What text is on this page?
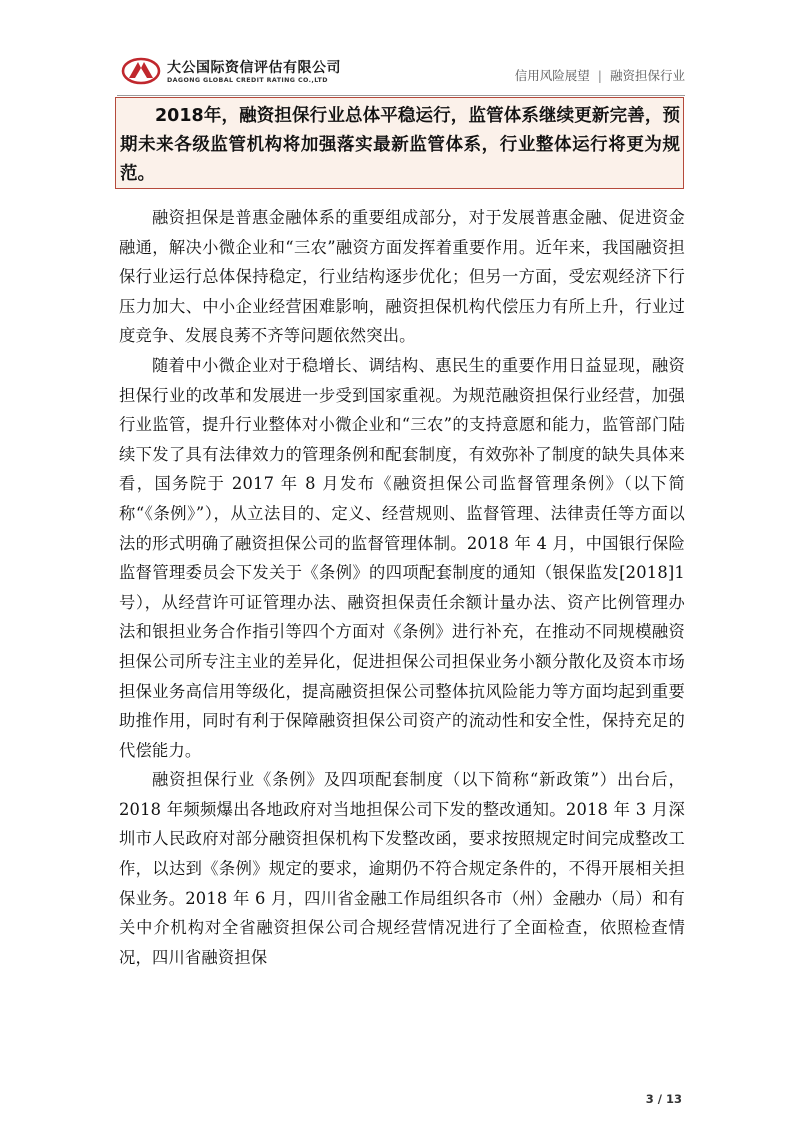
大公国际资信评估有限公司
DAGONG GLOBAL CREDIT RATING CO.,LTD	信用风险展望 | 融资担保行业

2018年，融资担保行业总体平稳运行，监管体系继续更新完善，预期未来各级监管机构将加强落实最新监管体系，行业整体运行将更为规范。

融资担保是普惠金融体系的重要组成部分，对于发展普惠金融、促进资金融通，解决小微企业和“三农”融资方面发挥着重要作用。近年来，我国融资担保行业运行总体保持稳定，行业结构逐步优化；但另一方面，受宏观经济下行压力加大、中小企业经营困难影响，融资担保机构代偿压力有所上升，行业过度竞争、发展良莠不齐等问题依然突出。

随着中小微企业对于稳增长、调结构、惠民生的重要作用日益显现，融资担保行业的改革和发展进一步受到国家重视。为规范融资担保行业经营，加强行业监管，提升行业整体对小微企业和“三农”的支持意愿和能力，监管部门陆续下发了具有法律效力的管理条例和配套制度，有效弥补了制度的缺失具体来看，国务院于 2017 年 8 月发布《融资担保公司监督管理条例》（以下简称“《条例》”），从立法目的、定义、经营规则、监督管理、法律责任等方面以法的形式明确了融资担保公司的监督管理体制。2018 年 4 月，中国银行保险监督管理委员会下发关于《条例》的四项配套制度的通知（银保监发[2018]1号），从经营许可证管理办法、融资担保责任余额计量办法、资产比例管理办法和银担业务合作指引等四个方面对《条例》进行补充，在推动不同规模融资担保公司所专注主业的差异化，促进担保公司担保业务小额分散化及资本市场担保业务高信用等级化，提高融资担保公司整体抗风险能力等方面均起到重要助推作用，同时有利于保障融资担保公司资产的流动性和安全性，保持充足的代偿能力。

融资担保行业《条例》及四项配套制度（以下简称“新政策”）出台后，2018 年频频爆出各地政府对当地担保公司下发的整改通知。2018 年 3 月深圳市人民政府对部分融资担保机构下发整改函，要求按照规定时间完成整改工作，以达到《条例》规定的要求，逾期仍不符合规定条件的，不得开展相关担保业务。2018 年 6 月，四川省金融工作局组织各市（州）金融办（局）和有关中介机构对全省融资担保公司合规经营情况进行了全面检查，依照检查情况，四川省融资担保

3 / 13
